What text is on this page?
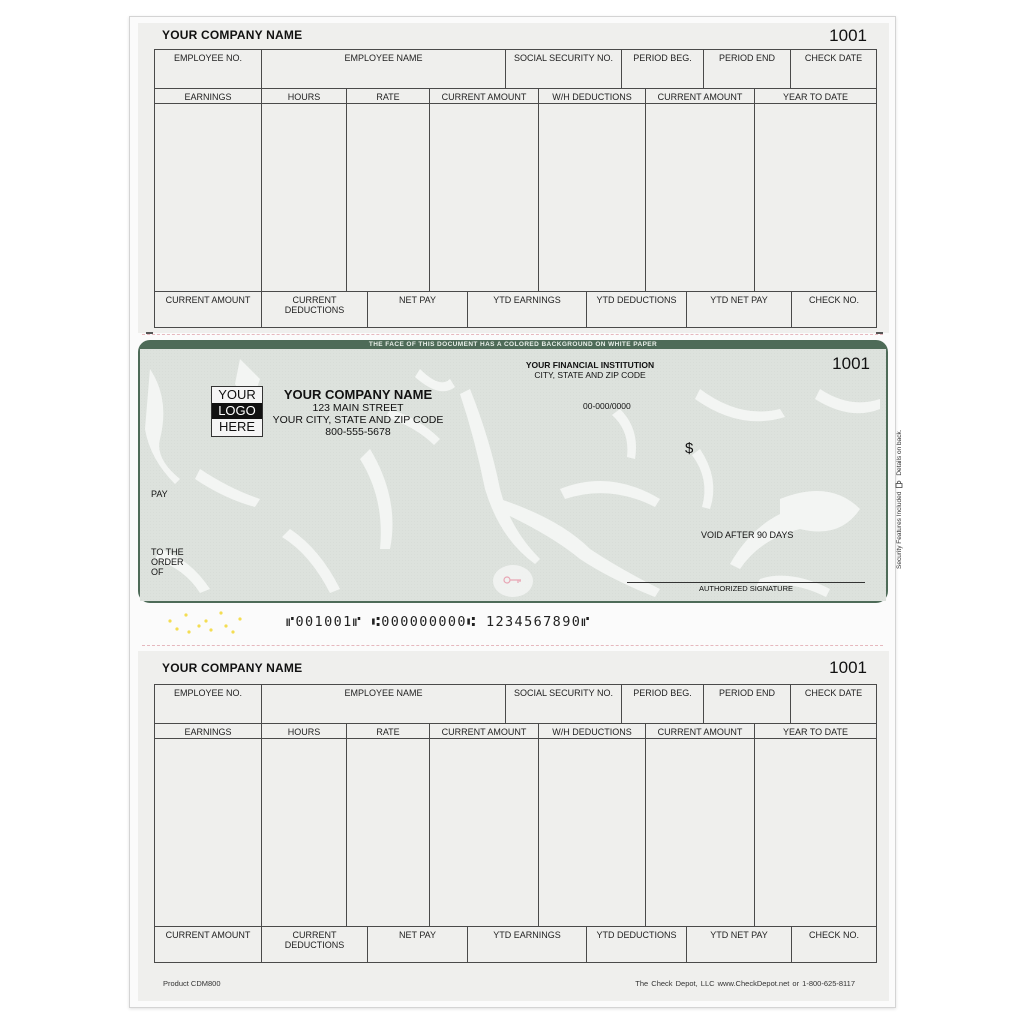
YOUR COMPANY NAME	1001
EMPLOYEE NO.	EMPLOYEE NAME	SOCIAL SECURITY NO.	PERIOD BEG.	PERIOD END	CHECK DATE
EARNINGS	HOURS	RATE	CURRENT AMOUNT	W/H DEDUCTIONS	CURRENT AMOUNT	YEAR TO DATE

CURRENT AMOUNT	CURRENT DEDUCTIONS	NET PAY	YTD EARNINGS	YTD DEDUCTIONS	YTD NET PAY	CHECK NO.
THE FACE OF THIS DOCUMENT HAS A COLORED BACKGROUND ON WHITE PAPER
YOUR
LOGO
HERE
YOUR COMPANY NAME
123 MAIN STREET
YOUR CITY, STATE AND ZIP CODE
800-555-5678
YOUR FINANCIAL INSTITUTION
CITY, STATE AND ZIP CODE
00-000/0000
1001
$
PAY
TO THE
ORDER
OF
VOID AFTER 90 DAYS
AUTHORIZED SIGNATURE
Security Features Included
Details on back.
⑈001001⑈ ⑆000000000⑆ 1234567890⑈
YOUR COMPANY NAME	1001
EMPLOYEE NO.	EMPLOYEE NAME	SOCIAL SECURITY NO.	PERIOD BEG.	PERIOD END	CHECK DATE
EARNINGS	HOURS	RATE	CURRENT AMOUNT	W/H DEDUCTIONS	CURRENT AMOUNT	YEAR TO DATE

CURRENT AMOUNT	CURRENT DEDUCTIONS	NET PAY	YTD EARNINGS	YTD DEDUCTIONS	YTD NET PAY	CHECK NO.
Product CDM800	The Check Depot, LLC www.CheckDepot.net or 1-800-625-8117
